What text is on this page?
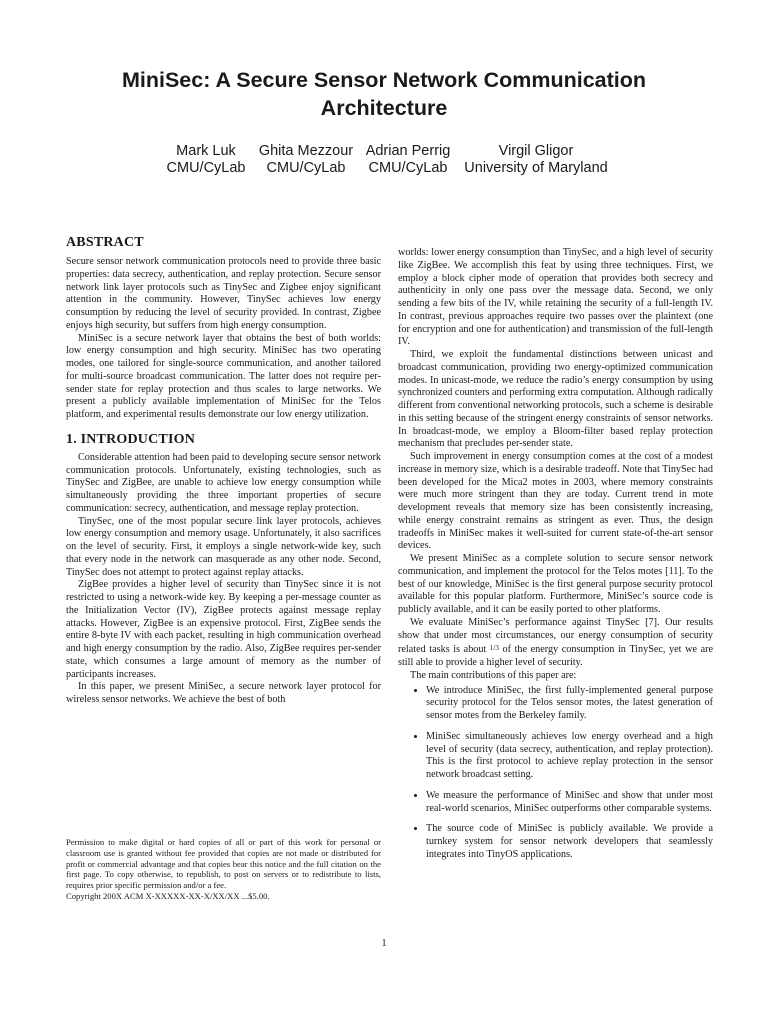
MiniSec: A Secure Sensor Network Communication Architecture
Mark Luk
CMU/CyLab
Ghita Mezzour
CMU/CyLab
Adrian Perrig
CMU/CyLab
Virgil Gligor
University of Maryland
ABSTRACT

Secure sensor network communication protocols need to provide three basic properties: data secrecy, authentication, and replay protection. Secure sensor network link layer protocols such as TinySec and Zigbee enjoy significant attention in the community. However, TinySec achieves low energy consumption by reducing the level of security provided. In contrast, Zigbee enjoys high security, but suffers from high energy consumption.

MiniSec is a secure network layer that obtains the best of both worlds: low energy consumption and high security. MiniSec has two operating modes, one tailored for single-source communication, and another tailored for multi-source broadcast communication. The latter does not require per-sender state for replay protection and thus scales to large networks. We present a publicly available implementation of MiniSec for the Telos platform, and experimental results demonstrate our low energy utilization.

1. INTRODUCTION

Considerable attention had been paid to developing secure sensor network communication protocols. Unfortunately, existing technologies, such as TinySec and ZigBee, are unable to achieve low energy consumption while simultaneously providing the three important properties of secure communication: secrecy, authentication, and message replay protection.

TinySec, one of the most popular secure link layer protocols, achieves low energy consumption and memory usage. Unfortunately, it also sacrifices on the level of security. First, it employs a single network-wide key, such that every node in the network can masquerade as any other node. Second, TinySec does not attempt to protect against replay attacks.

ZigBee provides a higher level of security than TinySec since it is not restricted to using a network-wide key. By keeping a per-message counter as the Initialization Vector (IV), ZigBee protects against message replay attacks. However, ZigBee is an expensive protocol. First, ZigBee sends the entire 8-byte IV with each packet, resulting in high communication overhead and high energy consumption by the radio. Also, ZigBee requires per-sender state, which consumes a large amount of memory as the number of participants increases.

In this paper, we present MiniSec, a secure network layer protocol for wireless sensor networks. We achieve the best of both

Permission to make digital or hard copies of all or part of this work for personal or classroom use is granted without fee provided that copies are not made or distributed for profit or commercial advantage and that copies bear this notice and the full citation on the first page. To copy otherwise, to republish, to post on servers or to redistribute to lists, requires prior specific permission and/or a fee.

Copyright 200X ACM X-XXXXX-XX-X/XX/XX ...$5.00.

worlds: lower energy consumption than TinySec, and a high level of security like ZigBee. We accomplish this feat by using three techniques. First, we employ a block cipher mode of operation that provides both secrecy and authenticity in only one pass over the message data. Second, we only sending a few bits of the IV, while retaining the security of a full-length IV. In contrast, previous approaches require two passes over the plaintext (one for encryption and one for authentication) and transmission of the full-length IV.

Third, we exploit the fundamental distinctions between unicast and broadcast communication, providing two energy-optimized communication modes. In unicast-mode, we reduce the radio’s energy consumption by using synchronized counters and performing extra computation. Although radically different from conventional networking protocols, such a scheme is desirable in this setting because of the stringent energy constraints of sensor networks. In broadcast-mode, we employ a Bloom-filter based replay protection mechanism that precludes per-sender state.

Such improvement in energy consumption comes at the cost of a modest increase in memory size, which is a desirable tradeoff. Note that TinySec had been developed for the Mica2 motes in 2003, where memory constraints were much more stringent than they are today. Current trend in mote development reveals that memory size has been consistently increasing, while energy constraint remains as stringent as ever. Thus, the design tradeoffs in MiniSec makes it well-suited for current state-of-the-art sensor devices.

We present MiniSec as a complete solution to secure sensor network communication, and implement the protocol for the Telos motes [11]. To the best of our knowledge, MiniSec is the first general purpose security protocol available for this popular platform. Furthermore, MiniSec’s source code is publicly available, and it can be easily ported to other platforms.

We evaluate MiniSec’s performance against TinySec [7]. Our results show that under most circumstances, our energy consumption of security related tasks is about 1/3 of the energy consumption in TinySec, yet we are still able to provide a higher level of security.

The main contributions of this paper are:

• We introduce MiniSec, the first fully-implemented general purpose security protocol for the Telos sensor motes, the latest generation of sensor motes from the Berkeley family.
• MiniSec simultaneously achieves low energy overhead and a high level of security (data secrecy, authentication, and replay protection). This is the first protocol to achieve replay protection in the sensor network broadcast setting.
• We measure the performance of MiniSec and show that under most real-world scenarios, MiniSec outperforms other comparable systems.
• The source code of MiniSec is publicly available. We provide a turnkey system for sensor network developers that seamlessly integrates into TinyOS applications.
1
